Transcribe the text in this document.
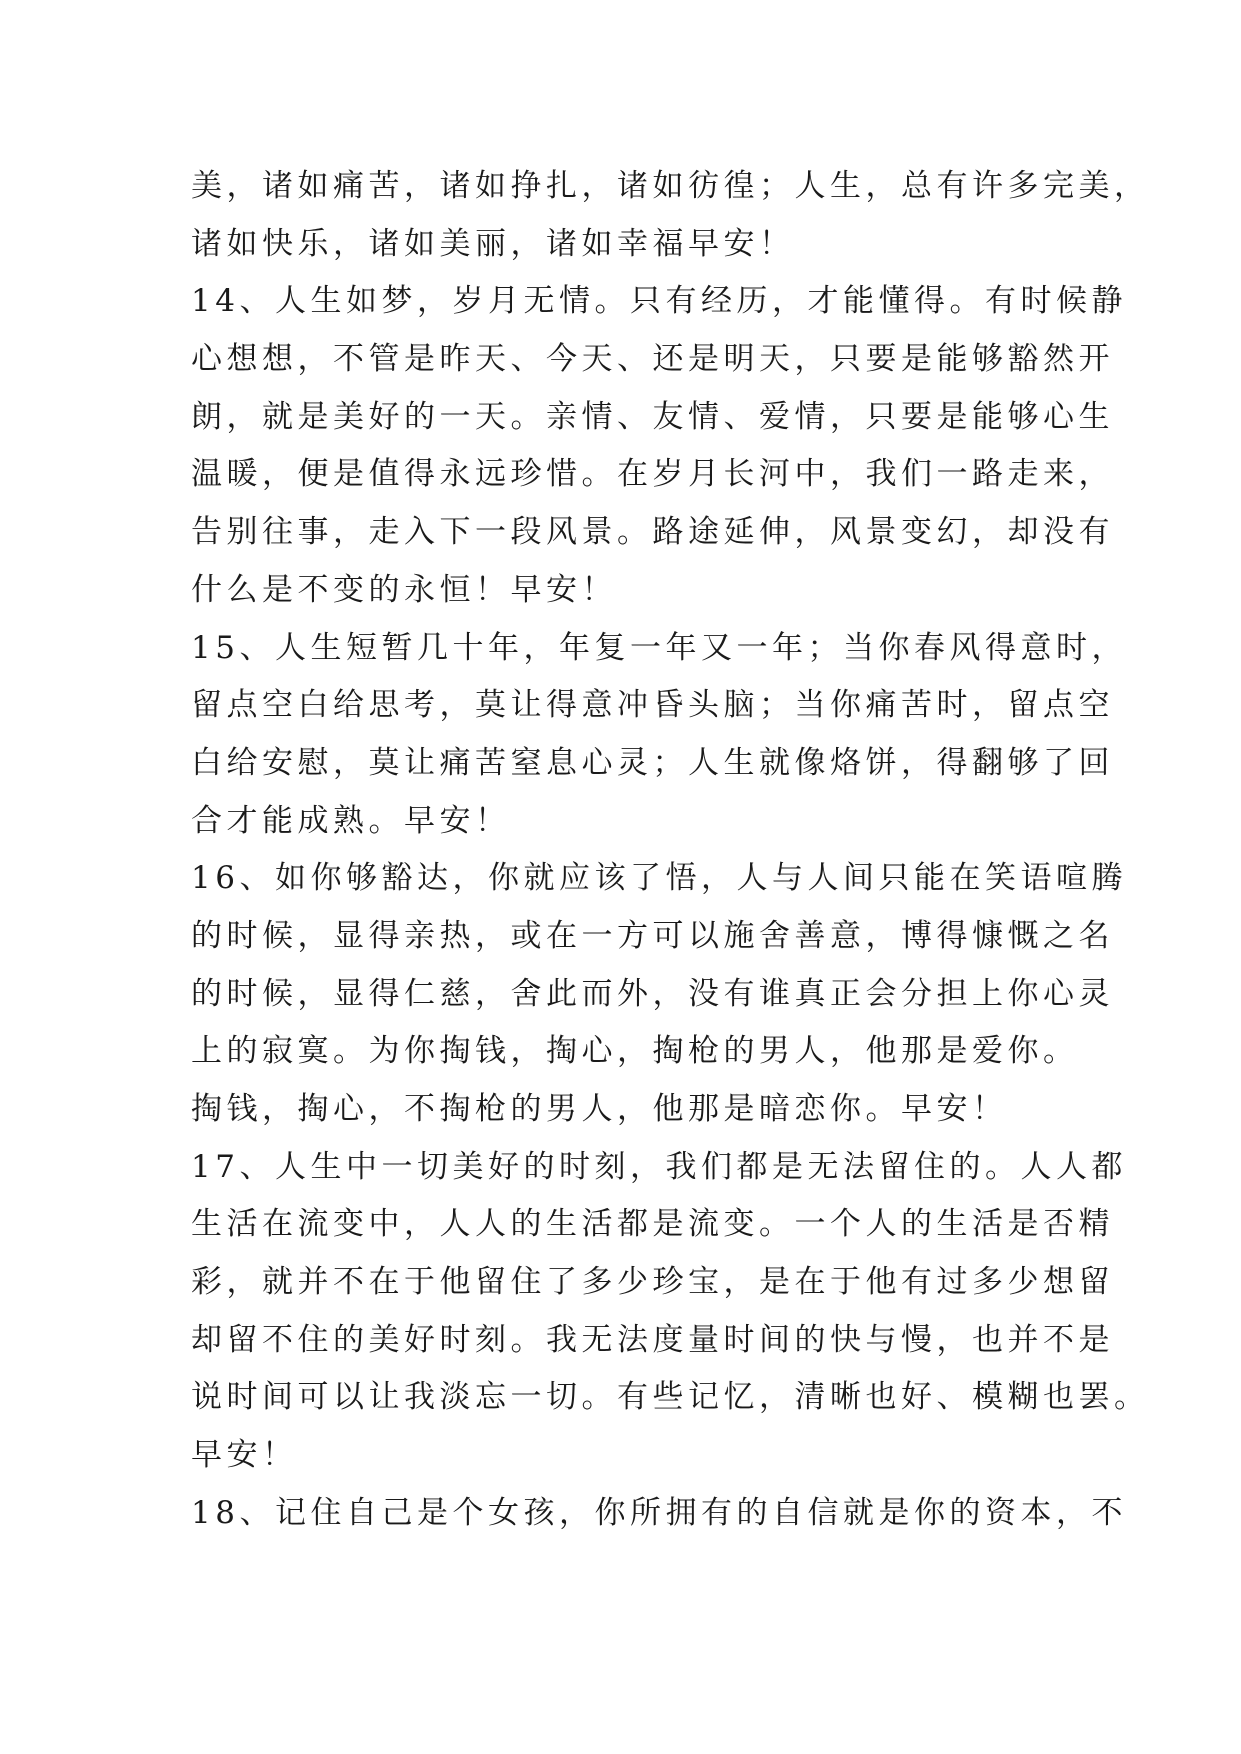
美，诸如痛苦，诸如挣扎，诸如彷徨；人生，总有许多完美，
诸如快乐，诸如美丽，诸如幸福早安！
14、人生如梦，岁月无情。只有经历，才能懂得。有时候静
心想想，不管是昨天、今天、还是明天，只要是能够豁然开
朗，就是美好的一天。亲情、友情、爱情，只要是能够心生
温暖，便是值得永远珍惜。在岁月长河中，我们一路走来，
告别往事，走入下一段风景。路途延伸，风景变幻，却没有
什么是不变的永恒！早安！
15、人生短暂几十年，年复一年又一年；当你春风得意时，
留点空白给思考，莫让得意冲昏头脑；当你痛苦时，留点空
白给安慰，莫让痛苦窒息心灵；人生就像烙饼，得翻够了回
合才能成熟。早安！
16、如你够豁达，你就应该了悟，人与人间只能在笑语喧腾
的时候，显得亲热，或在一方可以施舍善意，博得慷慨之名
的时候，显得仁慈，舍此而外，没有谁真正会分担上你心灵
上的寂寞。为你掏钱，掏心，掏枪的男人，他那是爱你。
掏钱，掏心，不掏枪的男人，他那是暗恋你。早安！
17、人生中一切美好的时刻，我们都是无法留住的。人人都
生活在流变中，人人的生活都是流变。一个人的生活是否精
彩，就并不在于他留住了多少珍宝，是在于他有过多少想留
却留不住的美好时刻。我无法度量时间的快与慢，也并不是
说时间可以让我淡忘一切。有些记忆，清晰也好、模糊也罢。
早安！
18、记住自己是个女孩，你所拥有的自信就是你的资本，不
